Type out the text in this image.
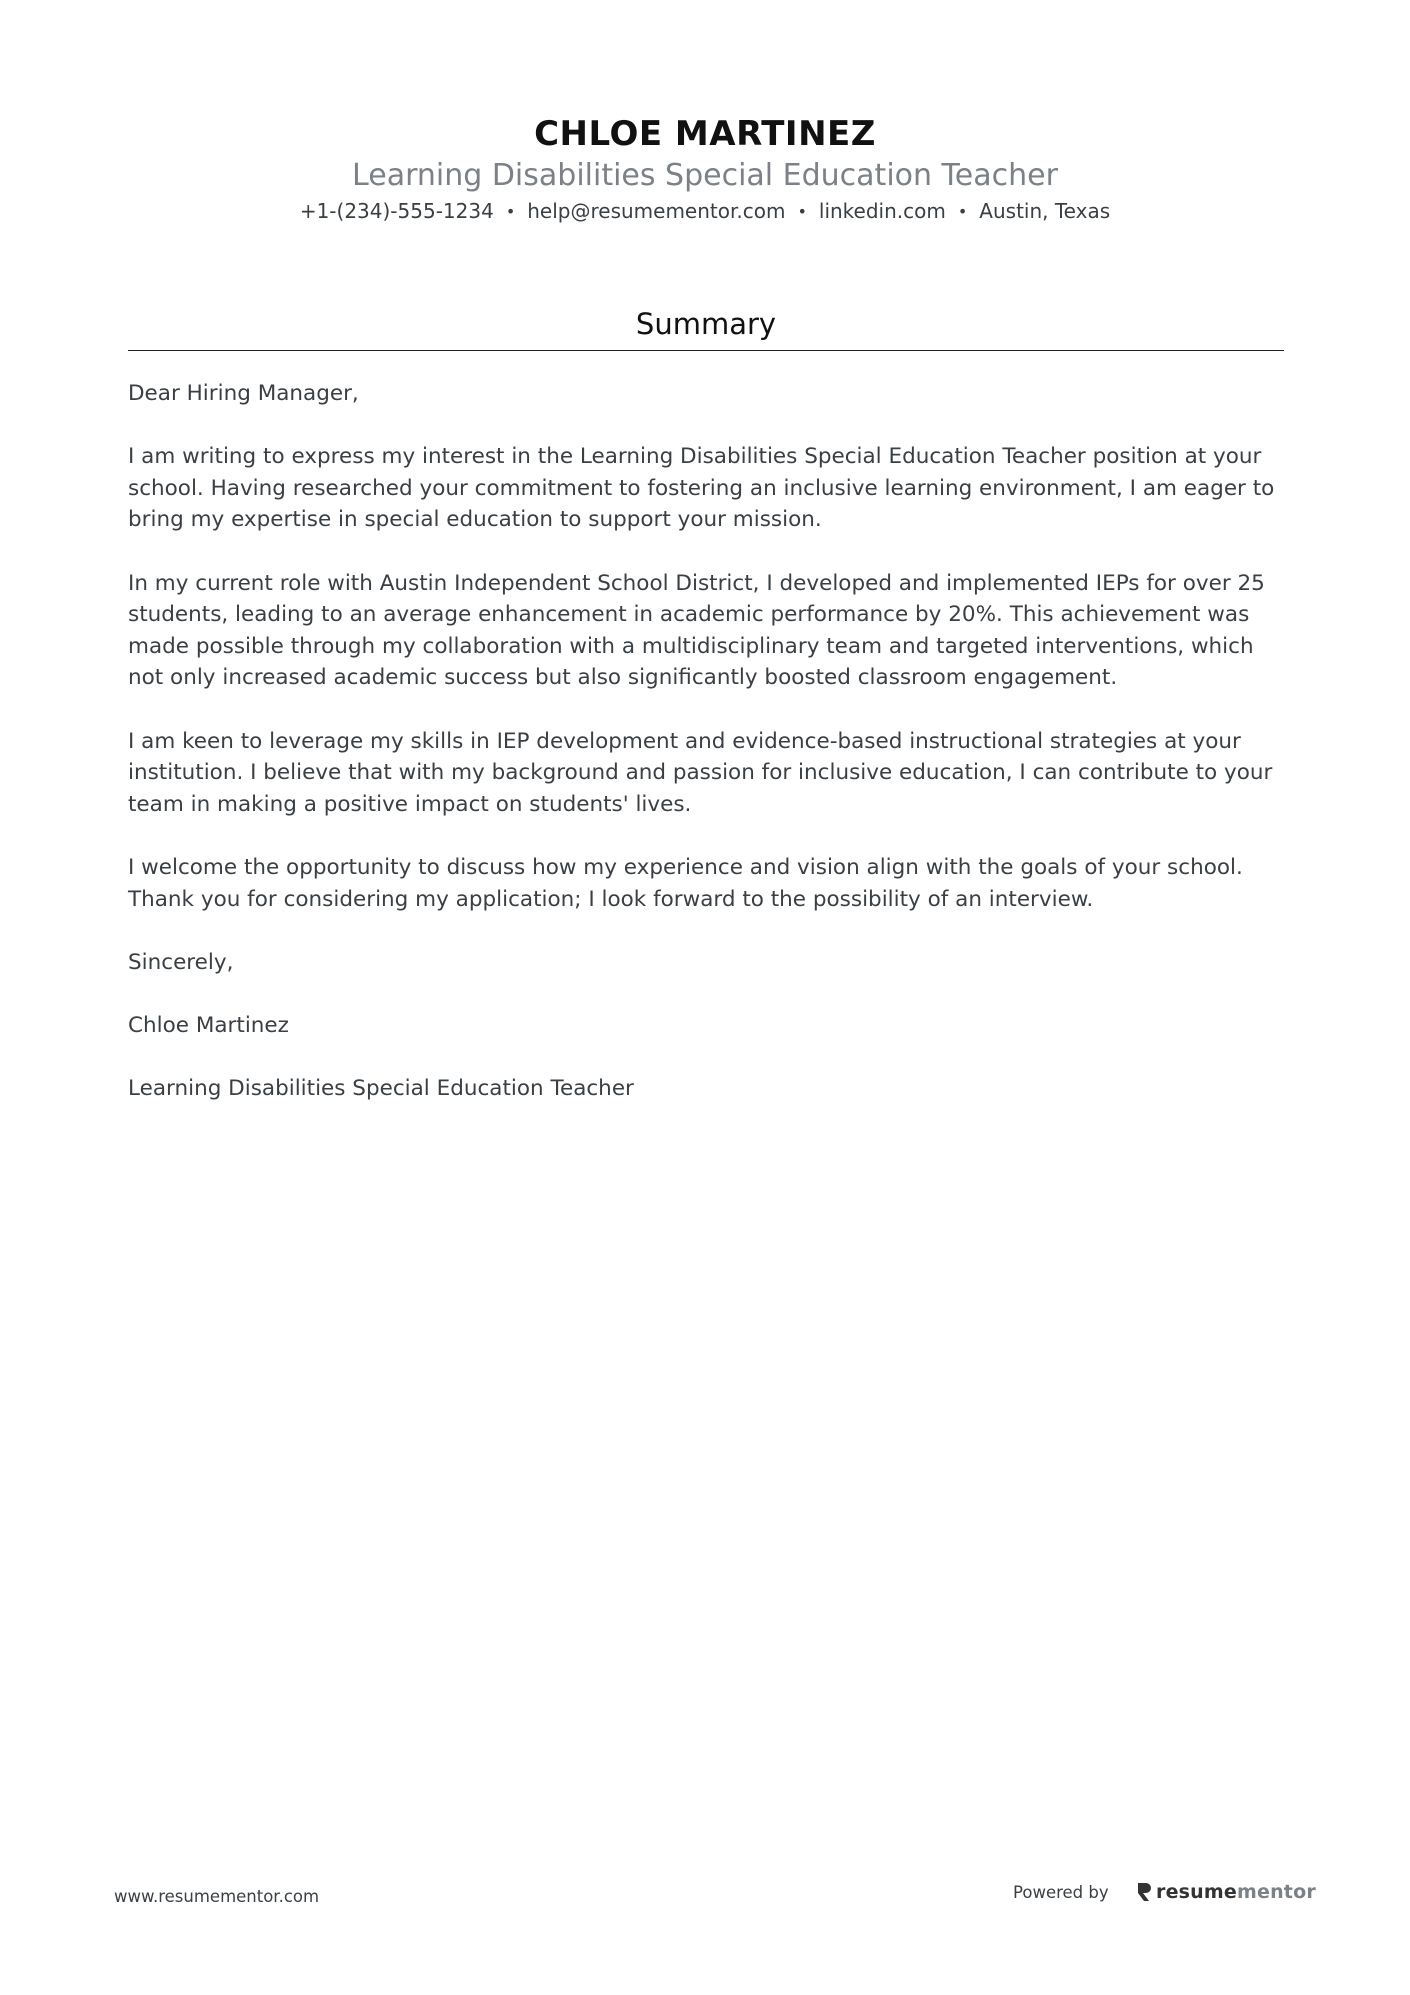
CHLOE MARTINEZ
Learning Disabilities Special Education Teacher
+1-(234)-555-1234 • help@resumementor.com • linkedin.com • Austin, Texas
Summary

Dear Hiring Manager,

I am writing to express my interest in the Learning Disabilities Special Education Teacher position at your school. Having researched your commitment to fostering an inclusive learning environment, I am eager to bring my expertise in special education to support your mission.

In my current role with Austin Independent School District, I developed and implemented IEPs for over 25 students, leading to an average enhancement in academic performance by 20%. This achievement was made possible through my collaboration with a multidisciplinary team and targeted interventions, which not only increased academic success but also significantly boosted classroom engagement.

I am keen to leverage my skills in IEP development and evidence-based instructional strategies at your institution. I believe that with my background and passion for inclusive education, I can contribute to your team in making a positive impact on students' lives.

I welcome the opportunity to discuss how my experience and vision align with the goals of your school. Thank you for considering my application; I look forward to the possibility of an interview.

Sincerely,

Chloe Martinez

Learning Disabilities Special Education Teacher

www.resumementor.com	Powered by resumementor
